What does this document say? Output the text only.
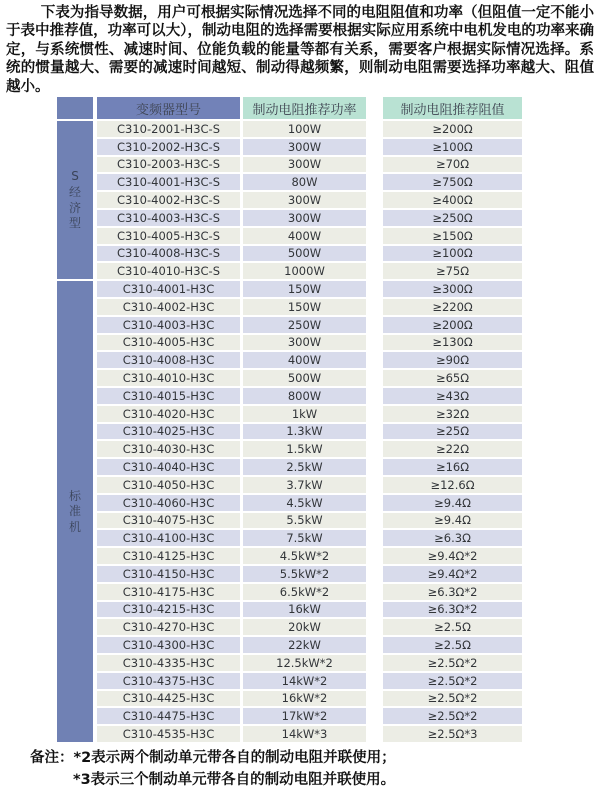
下表为指导数据，用户可根据实际情况选择不同的电阻阻值和功率（但阻值一定不能小于表中推荐值，功率可以大），制动电阻的选择需要根据实际应用系统中电机发电的功率来确定，与系统惯性、减速时间、位能负载的能量等都有关系，需要客户根据实际情况选择。系统的惯量越大、需要的减速时间越短、制动得越频繁，则制动电阻需要选择功率越大、阻值越小。

		变频器型号		制动电阻推荐功率		制动电阻推荐阻值

S
经
济
型		C310-2001-H3C-S		100W		≥200Ω
		C310-2002-H3C-S		300W		≥100Ω
		C310-2003-H3C-S		300W		≥70Ω
		C310-4001-H3C-S		80W		≥750Ω
		C310-4002-H3C-S		300W		≥400Ω
		C310-4003-H3C-S		300W		≥250Ω
		C310-4005-H3C-S		400W		≥150Ω
		C310-4008-H3C-S		500W		≥100Ω
		C310-4010-H3C-S		1000W		≥75Ω

标
准
机		C310-4001-H3C		150W		≥300Ω
		C310-4002-H3C		150W		≥220Ω
		C310-4003-H3C		250W		≥200Ω
		C310-4005-H3C		300W		≥130Ω
		C310-4008-H3C		400W		≥90Ω
		C310-4010-H3C		500W		≥65Ω
		C310-4015-H3C		800W		≥43Ω
		C310-4020-H3C		1kW		≥32Ω
		C310-4025-H3C		1.3kW		≥25Ω
		C310-4030-H3C		1.5kW		≥22Ω
		C310-4040-H3C		2.5kW		≥16Ω
		C310-4050-H3C		3.7kW		≥12.6Ω
		C310-4060-H3C		4.5kW		≥9.4Ω
		C310-4075-H3C		5.5kW		≥9.4Ω
		C310-4100-H3C		7.5kW		≥6.3Ω
		C310-4125-H3C		4.5kW*2		≥9.4Ω*2
		C310-4150-H3C		5.5kW*2		≥9.4Ω*2
		C310-4175-H3C		6.5kW*2		≥6.3Ω*2
		C310-4215-H3C		16kW		≥6.3Ω*2
		C310-4270-H3C		20kW		≥2.5Ω
		C310-4300-H3C		22kW		≥2.5Ω
		C310-4335-H3C		12.5kW*2		≥2.5Ω*2
		C310-4375-H3C		14kW*2		≥2.5Ω*2
		C310-4425-H3C		16kW*2		≥2.5Ω*2
		C310-4475-H3C		17kW*2		≥2.5Ω*2
		C310-4535-H3C		14kW*3		≥2.5Ω*3
备注：*2表示两个制动单元带各自的制动电阻并联使用；
*3表示三个制动单元带各自的制动电阻并联使用。
